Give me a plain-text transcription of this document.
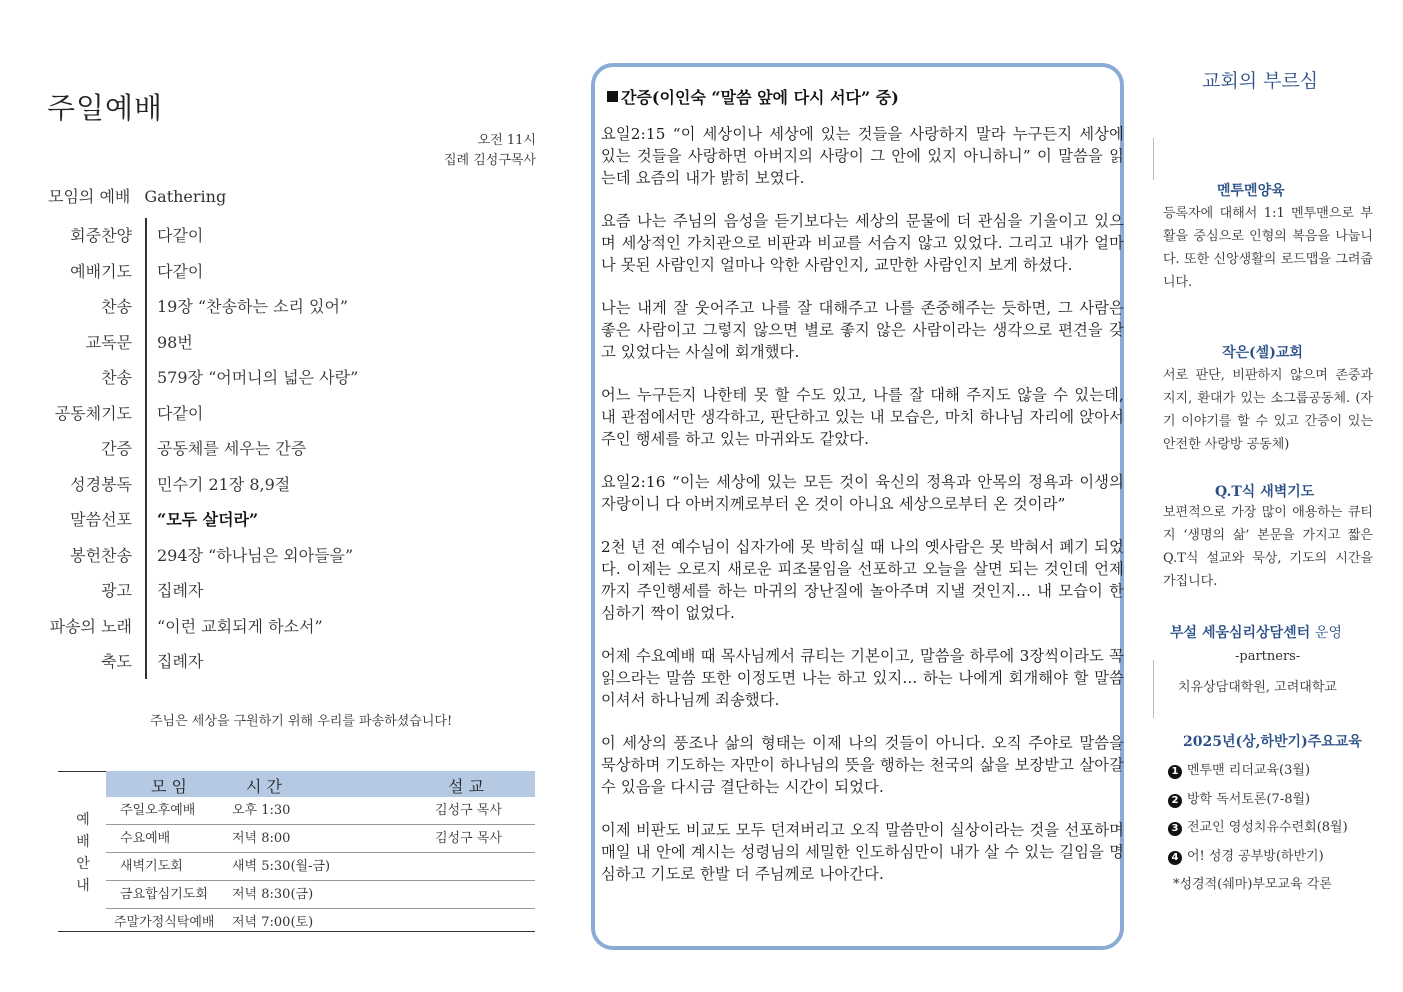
주일예배
오전 11시
집례 김성구목사
모임의 예배 Gathering
회중찬양 다같이
예배기도 다같이
찬송 19장 “찬송하는 소리 있어”
교독문 98번
찬송 579장 “어머니의 넓은 사랑”
공동체기도 다같이
간증 공동체를 세우는 간증
성경봉독 민수기 21장 8,9절
말씀선포 “모두 살더라”
봉헌찬송 294장 “하나님은 외아들을”
광고 집례자
파송의 노래 “이런 교회되게 하소서”
축도 집례자
주님은 세상을 구원하기 위해 우리를 파송하셨습니다!
모 임	시 간	설 교
예
배
안
내
주일오후예배	오후 1:30	김성구 목사
수요예배	저녁 8:00	김성구 목사
새벽기도회	새벽 5:30(월-금)
금요합심기도회 저녁 8:30(금)
주말가정식탁예배 저녁 7:00(토)
간증(이인숙 “말씀 앞에 다시 서다” 중)

요일2:15 “이 세상이나 세상에 있는 것들을 사랑하지 말라 누구든지 세상에 있는 것들을 사랑하면 아버지의 사랑이 그 안에 있지 아니하니” 이 말씀을 읽는데 요즘의 내가 밝히 보였다.

요즘 나는 주님의 음성을 듣기보다는 세상의 문물에 더 관심을 기울이고 있으며 세상적인 가치관으로 비판과 비교를 서슴지 않고 있었다. 그리고 내가 얼마나 못된 사람인지 얼마나 악한 사람인지, 교만한 사람인지 보게 하셨다.

나는 내게 잘 웃어주고 나를 잘 대해주고 나를 존중해주는 듯하면, 그 사람은 좋은 사람이고 그렇지 않으면 별로 좋지 않은 사람이라는 생각으로 편견을 갖고 있었다는 사실에 회개했다.

어느 누구든지 나한테 못 할 수도 있고, 나를 잘 대해 주지도 않을 수 있는데, 내 관점에서만 생각하고, 판단하고 있는 내 모습은, 마치 하나님 자리에 앉아서 주인 행세를 하고 있는 마귀와도 같았다.

요일2:16 “이는 세상에 있는 모든 것이 육신의 정욕과 안목의 정욕과 이생의 자랑이니 다 아버지께로부터 온 것이 아니요 세상으로부터 온 것이라”

2천 년 전 예수님이 십자가에 못 박히실 때 나의 옛사람은 못 박혀서 폐기 되었다. 이제는 오로지 새로운 피조물임을 선포하고 오늘을 살면 되는 것인데 언제까지 주인행세를 하는 마귀의 장난질에 놀아주며 지낼 것인지... 내 모습이 한심하기 짝이 없었다.

어제 수요예배 때 목사님께서 큐티는 기본이고, 말씀을 하루에 3장씩이라도 꼭 읽으라는 말씀 또한 이정도면 나는 하고 있지... 하는 나에게 회개해야 할 말씀이셔서 하나님께 죄송했다.

이 세상의 풍조나 삶의 형태는 이제 나의 것들이 아니다. 오직 주야로 말씀을 묵상하며 기도하는 자만이 하나님의 뜻을 행하는 천국의 삶을 보장받고 살아갈 수 있음을 다시금 결단하는 시간이 되었다.

이제 비판도 비교도 모두 던져버리고 오직 말씀만이 실상이라는 것을 선포하며 매일 내 안에 계시는 성령님의 세밀한 인도하심만이 내가 살 수 있는 길임을 명심하고 기도로 한발 더 주님께로 나아간다.

교회의 부르심
멘투멘양육
등록자에 대해서 1:1 멘투맨으로 부활을 중심으로 인형의 복음을 나눕니다. 또한 신앙생활의 로드맵을 그려줍니다.
작은(셀)교회
서로 판단, 비판하지 않으며 존중과 지지, 환대가 있는 소그룹공동체. (자기 이야기를 할 수 있고 간증이 있는 안전한 사랑방 공동체)
Q.T식 새벽기도
보편적으로 가장 많이 애용하는 큐티지 ‘생명의 삶’ 본문을 가지고 짧은 Q.T식 설교와 묵상, 기도의 시간을 가집니다.
부설 세움심리상담센터 운영
-partners-
치유상담대학원, 고려대학교
2025년(상,하반기)주요교육
1 멘투맨 리더교육(3월)
2 방학 독서토론(7-8월)
3 전교인 영성치유수련회(8월)
4 어! 성경 공부방(하반기)
*성경적(쉐마)부모교육 각론
